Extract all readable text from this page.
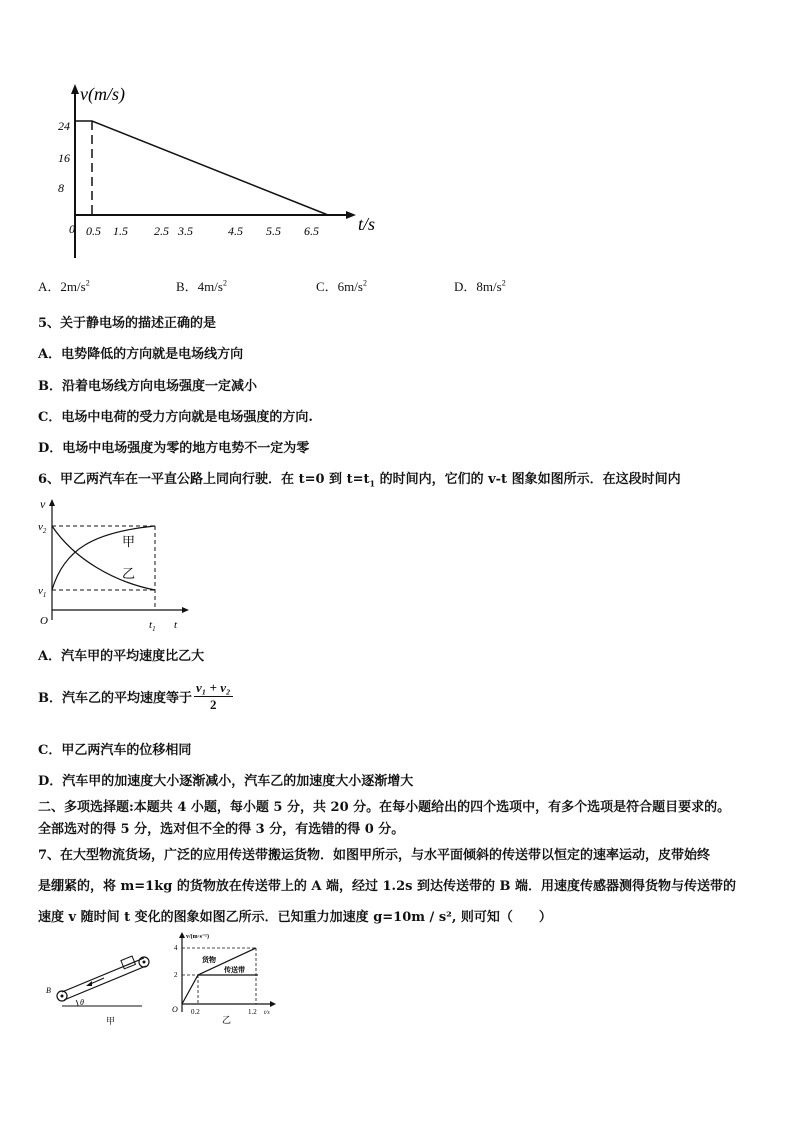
v(m/s)
24
16
8
0 0.5 1.5 2.5 3.5	4.5 5.5 6.5 t/s
A．$2m/s^2$	B．$4m/s^2$	C．$6m/s^2$	D．$8m/s^2$
5、关于静电场的描述正确的是
A．电势降低的方向就是电场线方向
B．沿着电场线方向电场强度一定减小
C．电场中电荷的受力方向就是电场强度的方向.
D．电场中电场强度为零的地方电势不一定为零
6、甲乙两汽车在一平直公路上同向行驶．在 t=0 到 $t=t_1$ 的时间内，它们的 v-t 图象如图所示．在这段时间内
v
$v_2$
$v_1$
甲
乙
O	$t_1$ t
A．汽车甲的平均速度比乙大
B．汽车乙的平均速度等于 $\frac{\text{v₁ + v₂}}{2}$
C．甲乙两汽车的位移相同
D．汽车甲的加速度大小逐渐减小，汽车乙的加速度大小逐渐增大
二、多项选择题:本题共 4 小题，每小题 5 分，共 20 分。在每小题给出的四个选项中，有多个选项是符合题目要求的。
全部选对的得 5 分，选对但不全的得 3 分，有选错的得 0 分。
7、在大型物流货场，广泛的应用传送带搬运货物．如图甲所示，与水平面倾斜的传送带以恒定的速率运动，皮带始终
是绷紧的，将 m=1kg 的货物放在传送带上的 A 端，经过 1.2s 到达传送带的 B 端．用速度传感器测得货物与传送带的
速度 v 随时间 t 变化的图象如图乙所示．已知重力加速度 g=10m / s², 则可知（　　）
B
θ
甲
v/(m·s⁻¹)
4
2
货物
传送带
O 0.2	1.2 t/s
乙
